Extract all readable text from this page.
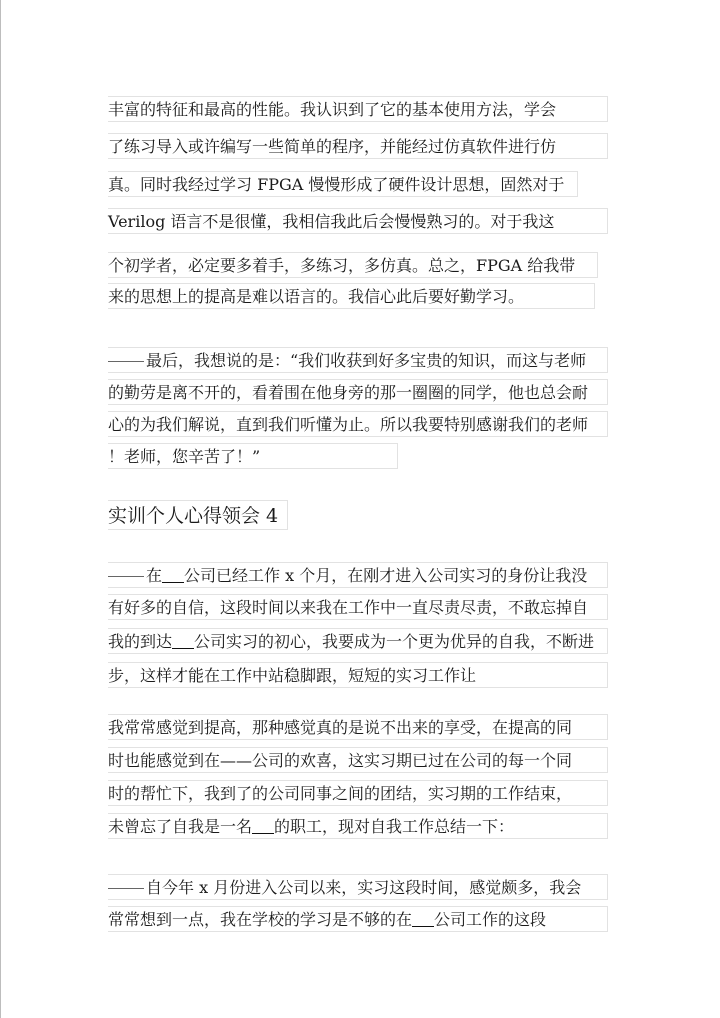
丰富的特征和最高的性能。我认识到了它的基本使用方法，学会
了练习导入或许编写一些简单的程序，并能经过仿真软件进行仿
真。同时我经过学习 FPGA 慢慢形成了硬件设计思想，固然对于
Verilog 语言不是很懂，我相信我此后会慢慢熟习的。对于我这
个初学者，必定要多着手，多练习，多仿真。总之，FPGA 给我带
来的思想上的提高是难以语言的。我信心此后要好勤学习。
最后，我想说的是：“我们收获到好多宝贵的知识，而这与老师
的勤劳是离不开的，看着围在他身旁的那一圈圈的同学，他也总会耐
心的为我们解说，直到我们听懂为止。所以我要特别感谢我们的老师
！老师，您辛苦了！”
实训个人心得领会 4
在 公司已经工作 x 个月，在刚才进入公司实习的身份让我没
有好多的自信，这段时间以来我在工作中一直尽责尽责，不敢忘掉自
我的到达 公司实习的初心，我要成为一个更为优异的自我，不断进
步，这样才能在工作中站稳脚跟，短短的实习工作让
我常常感觉到提高，那种感觉真的是说不出来的享受，在提高的同
时也能感觉到在——公司的欢喜，这实习期已过在公司的每一个同
时的帮忙下，我到了的公司同事之间的团结，实习期的工作结束，
未曾忘了自我是一名 的职工，现对自我工作总结一下：
自今年 x 月份进入公司以来，实习这段时间，感觉颇多，我会
常常想到一点，我在学校的学习是不够的在 公司工作的这段
